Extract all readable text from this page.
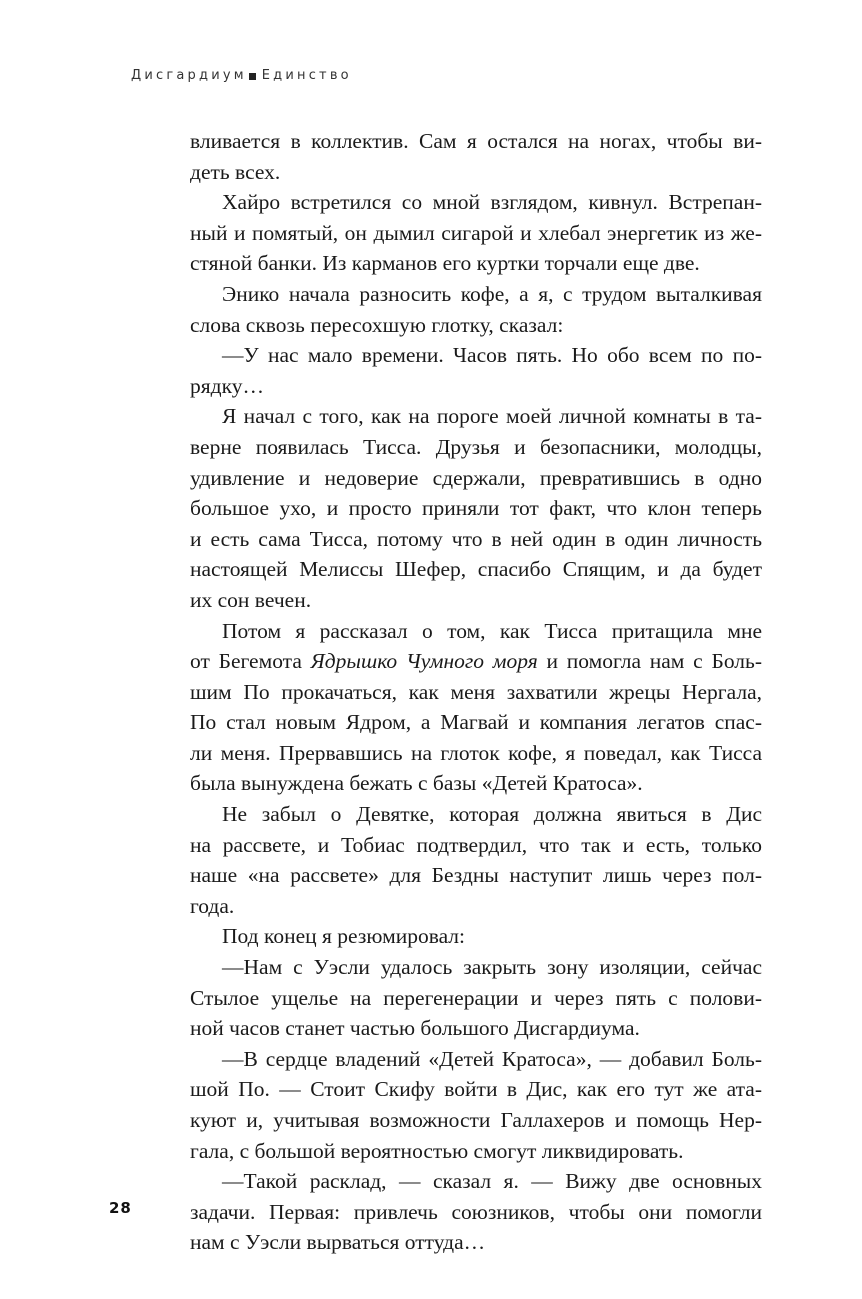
Дисгардиум Единство
вливается в коллектив. Сам я остался на ногах, чтобы ви-
деть всех.
Хайро встретился со мной взглядом, кивнул. Встрепан-
ный и помятый, он дымил сигарой и хлебал энергетик из же-
стяной банки. Из карманов его куртки торчали еще две.
Энико начала разносить кофе, а я, с трудом выталкивая
слова сквозь пересохшую глотку, сказал:
—У нас мало времени. Часов пять. Но обо всем по по-
рядку…
Я начал с того, как на пороге моей личной комнаты в та-
верне появилась Тисса. Друзья и безопасники, молодцы,
удивление и недоверие сдержали, превратившись в одно
большое ухо, и просто приняли тот факт, что клон теперь
и есть сама Тисса, потому что в ней один в один личность
настоящей Мелиссы Шефер, спасибо Спящим, и да будет
их сон вечен.
Потом я рассказал о том, как Тисса притащила мне
от Бегемота Ядрышко Чумного моря и помогла нам с Боль-
шим По прокачаться, как меня захватили жрецы Нергала,
По стал новым Ядром, а Магвай и компания легатов спас-
ли меня. Прервавшись на глоток кофе, я поведал, как Тисса
была вынуждена бежать с базы «Детей Кратоса».
Не забыл о Девятке, которая должна явиться в Дис
на рассвете, и Тобиас подтвердил, что так и есть, только
наше «на рассвете» для Бездны наступит лишь через пол-
года.
Под конец я резюмировал:
—Нам с Уэсли удалось закрыть зону изоляции, сейчас
Стылое ущелье на перегенерации и через пять с полови-
ной часов станет частью большого Дисгардиума.
—В сердце владений «Детей Кратоса», — добавил Боль-
шой По. — Стоит Скифу войти в Дис, как его тут же ата-
куют и, учитывая возможности Галлахеров и помощь Нер-
гала, с большой вероятностью смогут ликвидировать.
—Такой расклад, — сказал я. — Вижу две основных
задачи. Первая: привлечь союзников, чтобы они помогли
нам с Уэсли вырваться оттуда…
28
